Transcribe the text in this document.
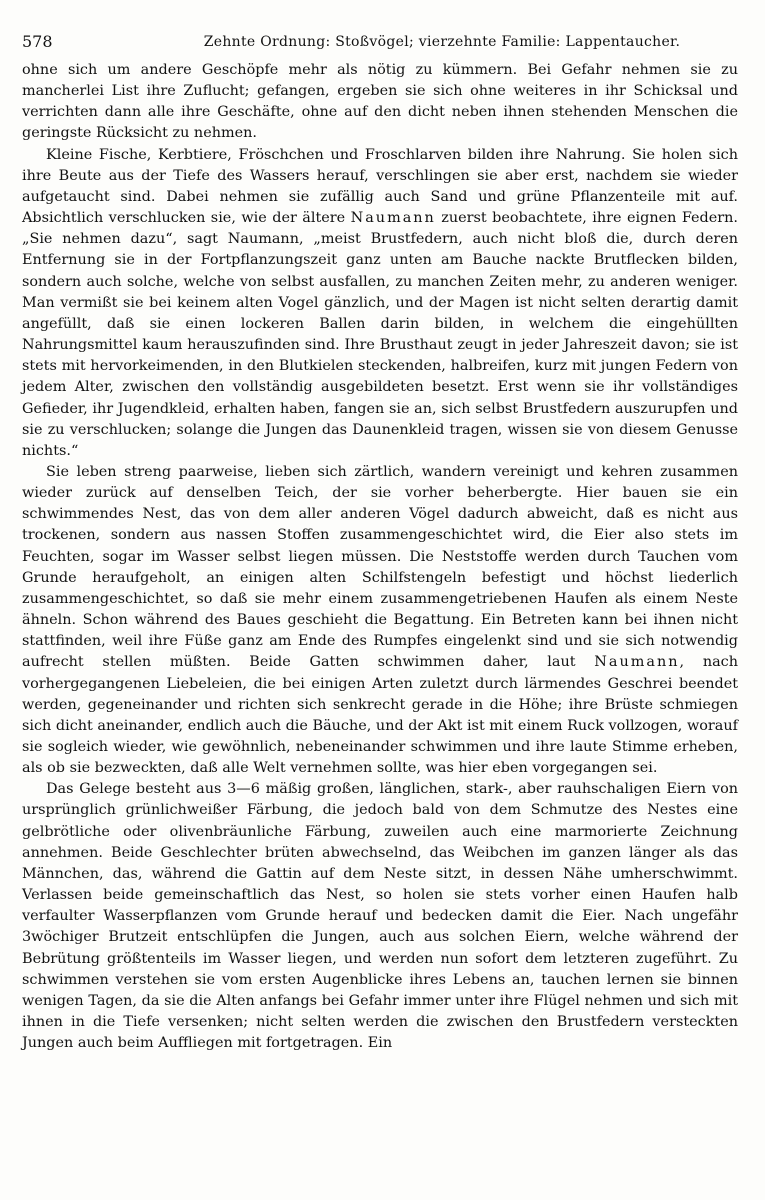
578	Zehnte Ordnung: Stoßvögel; vierzehnte Familie: Lappentaucher.

ohne sich um andere Geschöpfe mehr als nötig zu kümmern. Bei Gefahr nehmen sie zu mancherlei List ihre Zuflucht; gefangen, ergeben sie sich ohne weiteres in ihr Schicksal und verrichten dann alle ihre Geschäfte, ohne auf den dicht neben ihnen stehenden Menschen die geringste Rücksicht zu nehmen.

Kleine Fische, Kerbtiere, Fröschchen und Froschlarven bilden ihre Nahrung. Sie holen sich ihre Beute aus der Tiefe des Wassers herauf, verschlingen sie aber erst, nachdem sie wieder aufgetaucht sind. Dabei nehmen sie zufällig auch Sand und grüne Pflanzenteile mit auf. Absichtlich verschlucken sie, wie der ältere Naumann zuerst beobachtete, ihre eignen Federn. „Sie nehmen dazu“, sagt Naumann, „meist Brustfedern, auch nicht bloß die, durch deren Entfernung sie in der Fortpflanzungszeit ganz unten am Bauche nackte Brutflecken bilden, sondern auch solche, welche von selbst ausfallen, zu manchen Zeiten mehr, zu anderen weniger. Man vermißt sie bei keinem alten Vogel gänzlich, und der Magen ist nicht selten derartig damit angefüllt, daß sie einen lockeren Ballen darin bilden, in welchem die eingehüllten Nahrungsmittel kaum herauszufinden sind. Ihre Brusthaut zeugt in jeder Jahreszeit davon; sie ist stets mit hervorkeimenden, in den Blutkielen steckenden, halbreifen, kurz mit jungen Federn von jedem Alter, zwischen den vollständig ausgebildeten besetzt. Erst wenn sie ihr vollständiges Gefieder, ihr Jugendkleid, erhalten haben, fangen sie an, sich selbst Brustfedern auszurupfen und sie zu verschlucken; solange die Jungen das Daunenkleid tragen, wissen sie von diesem Genusse nichts.“

Sie leben streng paarweise, lieben sich zärtlich, wandern vereinigt und kehren zusammen wieder zurück auf denselben Teich, der sie vorher beherbergte. Hier bauen sie ein schwimmendes Nest, das von dem aller anderen Vögel dadurch abweicht, daß es nicht aus trockenen, sondern aus nassen Stoffen zusammengeschichtet wird, die Eier also stets im Feuchten, sogar im Wasser selbst liegen müssen. Die Neststoffe werden durch Tauchen vom Grunde heraufgeholt, an einigen alten Schilfstengeln befestigt und höchst liederlich zusammengeschichtet, so daß sie mehr einem zusammengetriebenen Haufen als einem Neste ähneln. Schon während des Baues geschieht die Begattung. Ein Betreten kann bei ihnen nicht stattfinden, weil ihre Füße ganz am Ende des Rumpfes eingelenkt sind und sie sich notwendig aufrecht stellen müßten. Beide Gatten schwimmen daher, laut Naumann, nach vorhergegangenen Liebeleien, die bei einigen Arten zuletzt durch lärmendes Geschrei beendet werden, gegeneinander und richten sich senkrecht gerade in die Höhe; ihre Brüste schmiegen sich dicht aneinander, endlich auch die Bäuche, und der Akt ist mit einem Ruck vollzogen, worauf sie sogleich wieder, wie gewöhnlich, nebeneinander schwimmen und ihre laute Stimme erheben, als ob sie bezweckten, daß alle Welt vernehmen sollte, was hier eben vorgegangen sei.

Das Gelege besteht aus 3—6 mäßig großen, länglichen, stark-, aber rauhschaligen Eiern von ursprünglich grünlichweißer Färbung, die jedoch bald von dem Schmutze des Nestes eine gelbrötliche oder olivenbräunliche Färbung, zuweilen auch eine marmorierte Zeichnung annehmen. Beide Geschlechter brüten abwechselnd, das Weibchen im ganzen länger als das Männchen, das, während die Gattin auf dem Neste sitzt, in dessen Nähe umherschwimmt. Verlassen beide gemeinschaftlich das Nest, so holen sie stets vorher einen Haufen halb verfaulter Wasserpflanzen vom Grunde herauf und bedecken damit die Eier. Nach ungefähr 3wöchiger Brutzeit entschlüpfen die Jungen, auch aus solchen Eiern, welche während der Bebrütung größtenteils im Wasser liegen, und werden nun sofort dem letzteren zugeführt. Zu schwimmen verstehen sie vom ersten Augenblicke ihres Lebens an, tauchen lernen sie binnen wenigen Tagen, da sie die Alten anfangs bei Gefahr immer unter ihre Flügel nehmen und sich mit ihnen in die Tiefe versenken; nicht selten werden die zwischen den Brustfedern versteckten Jungen auch beim Auffliegen mit fortgetragen. Ein
